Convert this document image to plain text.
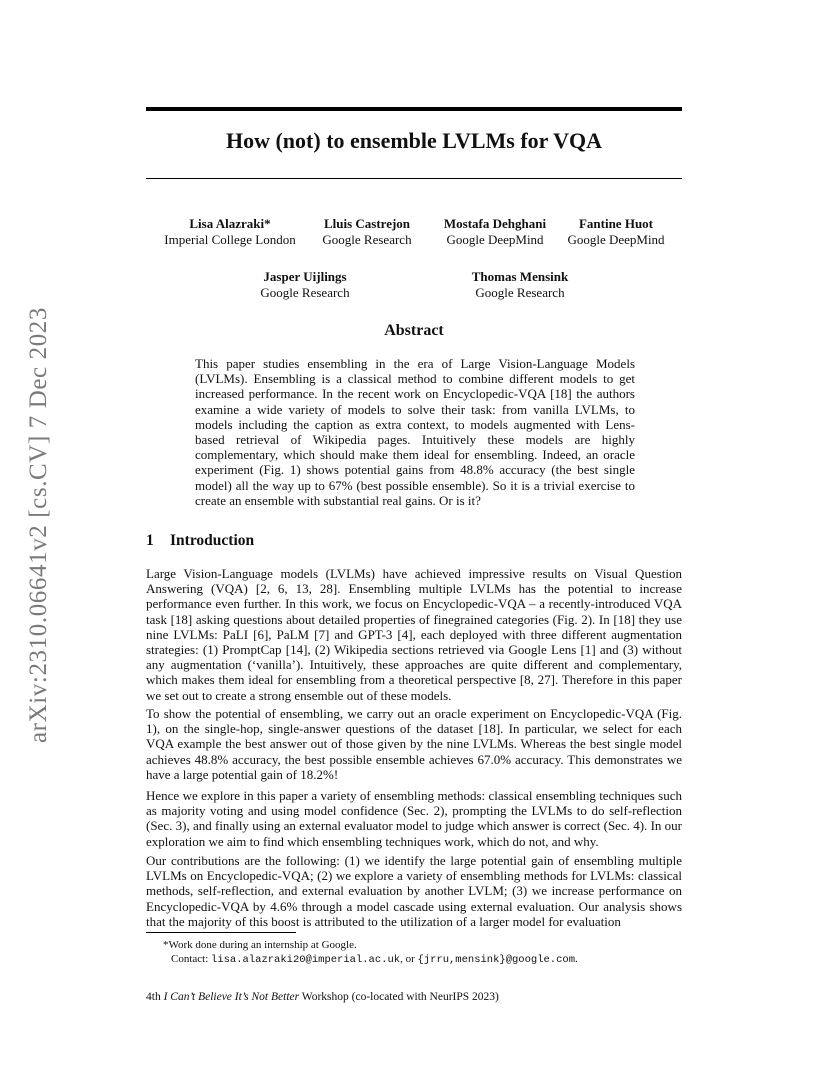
arXiv:2310.06641v2 [cs.CV] 7 Dec 2023
How (not) to ensemble LVLMs for VQA
Lisa Alazraki*
Imperial College London
Lluis Castrejon
Google Research
Mostafa Dehghani
Google DeepMind
Fantine Huot
Google DeepMind
Jasper Uijlings
Google Research
Thomas Mensink
Google Research
Abstract

This paper studies ensembling in the era of Large Vision-Language Models (LVLMs). Ensembling is a classical method to combine different models to get increased performance. In the recent work on Encyclopedic-VQA [18] the authors examine a wide variety of models to solve their task: from vanilla LVLMs, to models including the caption as extra context, to models augmented with Lens-based retrieval of Wikipedia pages. Intuitively these models are highly complementary, which should make them ideal for ensembling. Indeed, an oracle experiment (Fig. 1) shows potential gains from 48.8% accuracy (the best single model) all the way up to 67% (best possible ensemble). So it is a trivial exercise to create an ensemble with substantial real gains. Or is it?

1 Introduction

Large Vision-Language models (LVLMs) have achieved impressive results on Visual Question Answering (VQA) [2, 6, 13, 28]. Ensembling multiple LVLMs has the potential to increase performance even further. In this work, we focus on Encyclopedic-VQA – a recently-introduced VQA task [18] asking questions about detailed properties of finegrained categories (Fig. 2). In [18] they use nine LVLMs: PaLI [6], PaLM [7] and GPT-3 [4], each deployed with three different augmentation strategies: (1) PromptCap [14], (2) Wikipedia sections retrieved via Google Lens [1] and (3) without any augmentation (‘vanilla’). Intuitively, these approaches are quite different and complementary, which makes them ideal for ensembling from a theoretical perspective [8, 27]. Therefore in this paper we set out to create a strong ensemble out of these models.

To show the potential of ensembling, we carry out an oracle experiment on Encyclopedic-VQA (Fig. 1), on the single-hop, single-answer questions of the dataset [18]. In particular, we select for each VQA example the best answer out of those given by the nine LVLMs. Whereas the best single model achieves 48.8% accuracy, the best possible ensemble achieves 67.0% accuracy. This demonstrates we have a large potential gain of 18.2%!

Hence we explore in this paper a variety of ensembling methods: classical ensembling techniques such as majority voting and using model confidence (Sec. 2), prompting the LVLMs to do self-reflection (Sec. 3), and finally using an external evaluator model to judge which answer is correct (Sec. 4). In our exploration we aim to find which ensembling techniques work, which do not, and why.

Our contributions are the following: (1) we identify the large potential gain of ensembling multiple LVLMs on Encyclopedic-VQA; (2) we explore a variety of ensembling methods for LVLMs: classical methods, self-reflection, and external evaluation by another LVLM; (3) we increase performance on Encyclopedic-VQA by 4.6% through a model cascade using external evaluation. Our analysis shows that the majority of this boost is attributed to the utilization of a larger model for evaluation

*Work done during an internship at Google.
Contact: lisa.alazraki20@imperial.ac.uk, or {jrru,mensink}@google.com.
4th I Can’t Believe It’s Not Better Workshop (co-located with NeurIPS 2023)
